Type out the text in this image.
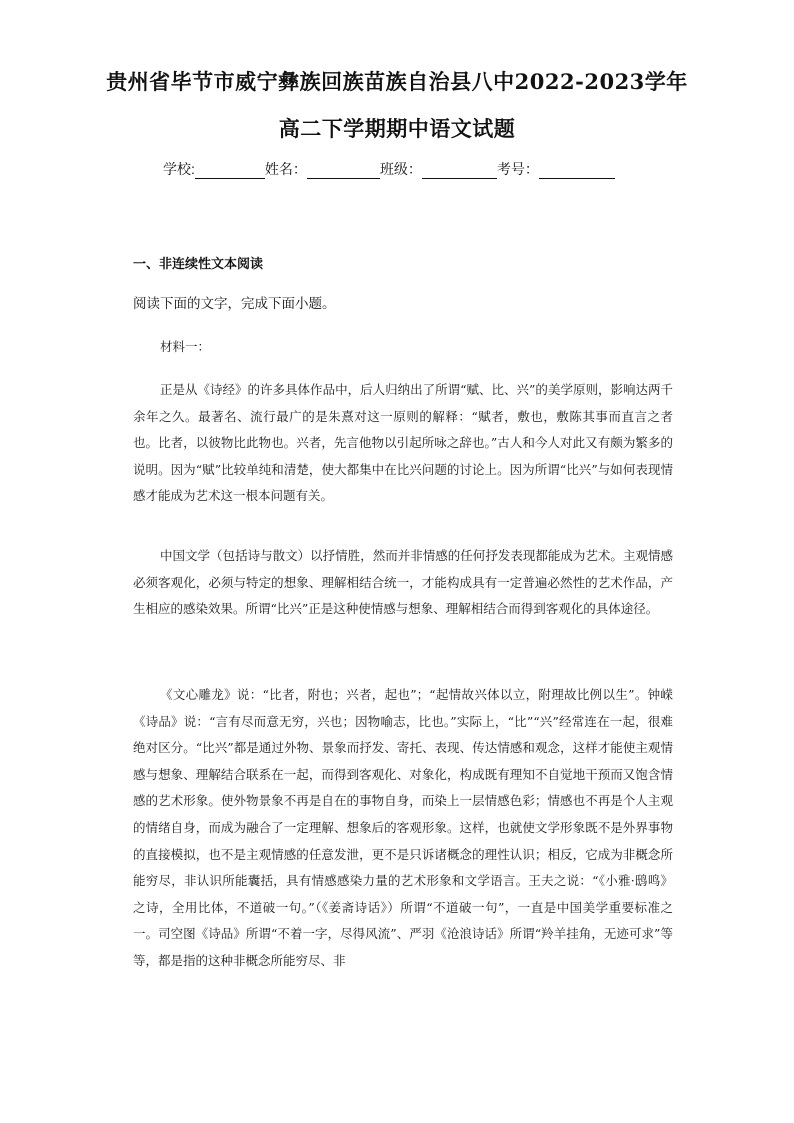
贵州省毕节市威宁彝族回族苗族自治县八中2022-2023学年
高二下学期期中语文试题
学校:	姓名：	班级：	考号：
一、非连续性文本阅读
阅读下面的文字，完成下面小题。
材料一：

正是从《诗经》的许多具体作品中，后人归纳出了所谓“赋、比、兴”的美学原则，影响达两千余年之久。最著名、流行最广的是朱熹对这一原则的解释：“赋者，敷也，敷陈其事而直言之者也。比者，以彼物比此物也。兴者，先言他物以引起所咏之辞也。”古人和今人对此又有颇为繁多的说明。因为“赋”比较单纯和清楚，使大都集中在比兴问题的讨论上。因为所谓“比兴”与如何表现情感才能成为艺术这一根本问题有关。

中国文学（包括诗与散文）以抒情胜，然而并非情感的任何抒发表现都能成为艺术。主观情感必须客观化，必须与特定的想象、理解相结合统一，才能构成具有一定普遍必然性的艺术作品，产生相应的感染效果。所谓“比兴”正是这种使情感与想象、理解相结合而得到客观化的具体途径。

《文心雕龙》说：“比者，附也；兴者，起也”；“起情故兴体以立，附理故比例以生”。钟嵘《诗品》说：“言有尽而意无穷，兴也；因物喻志，比也。”实际上，“比”“兴”经常连在一起，很难绝对区分。“比兴”都是通过外物、景象而抒发、寄托、表现、传达情感和观念，这样才能使主观情感与想象、理解结合联系在一起，而得到客观化、对象化，构成既有理知不自觉地干预而又饱含情感的艺术形象。使外物景象不再是自在的事物自身，而染上一层情感色彩；情感也不再是个人主观的情绪自身，而成为融合了一定理解、想象后的客观形象。这样，也就使文学形象既不是外界事物的直接模拟，也不是主观情感的任意发泄，更不是只诉诸概念的理性认识；相反，它成为非概念所能穷尽，非认识所能囊括，具有情感感染力量的艺术形象和文学语言。王夫之说：“《小雅·鸱鸣》之诗，全用比体，不道破一句。”（《姜斋诗话》）所谓“不道破一句”，一直是中国美学重要标准之一。司空图《诗品》所谓“不着一字，尽得风流”、严羽《沧浪诗话》所谓“羚羊挂角，无迹可求”等等，都是指的这种非概念所能穷尽、非
